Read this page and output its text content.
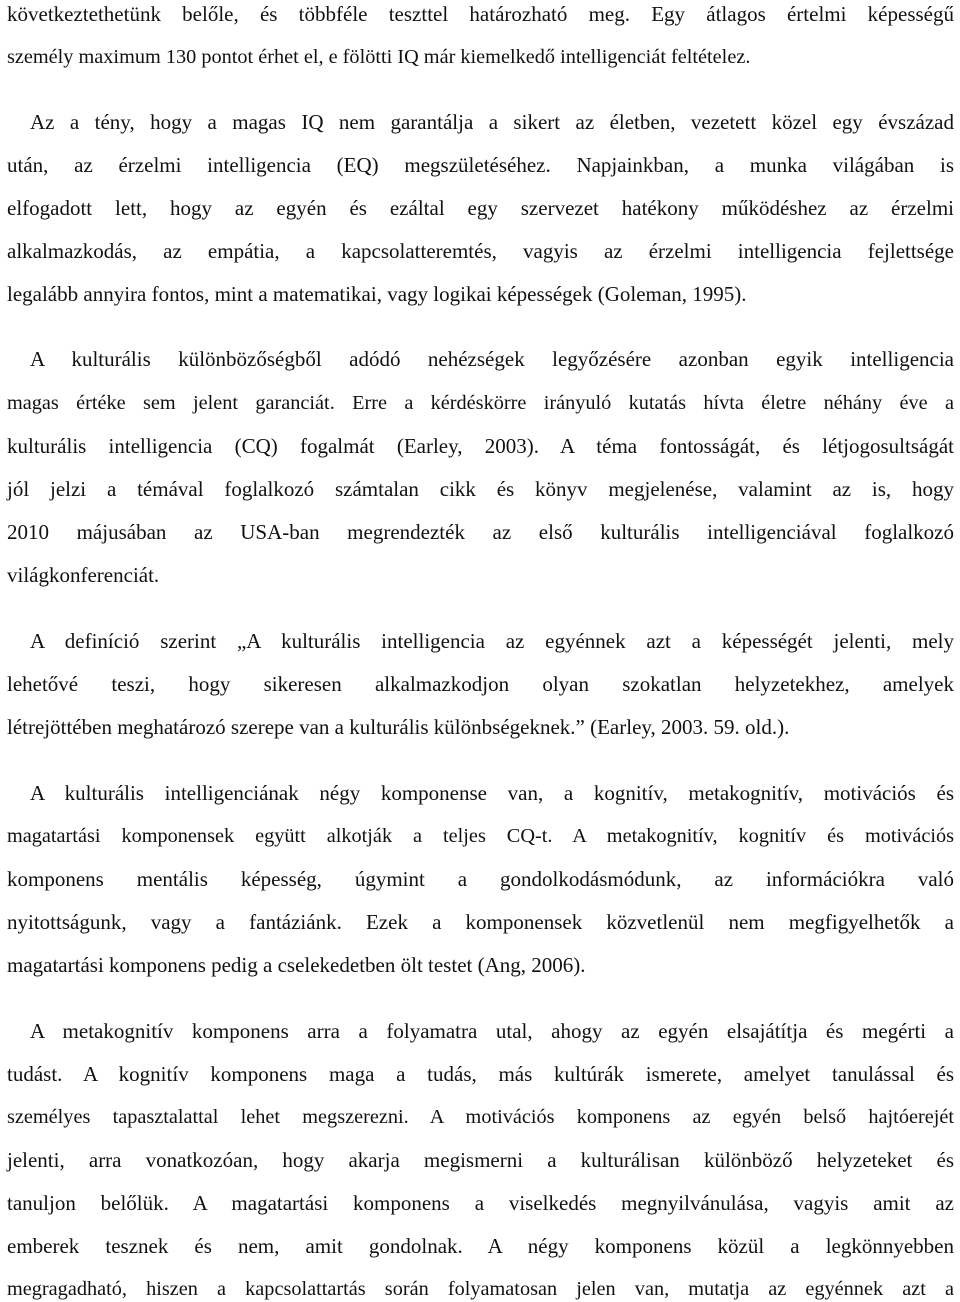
következtethetünk belőle, és többféle teszttel határozható meg. Egy átlagos értelmi képességű
személy maximum 130 pontot érhet el, e fölötti IQ már kiemelkedő intelligenciát feltételez.
Az a tény, hogy a magas IQ nem garantálja a sikert az életben, vezetett közel egy évszázad
után, az érzelmi intelligencia (EQ) megszületéséhez. Napjainkban, a munka világában is
elfogadott lett, hogy az egyén és ezáltal egy szervezet hatékony működéshez az érzelmi
alkalmazkodás, az empátia, a kapcsolatteremtés, vagyis az érzelmi intelligencia fejlettsége
legalább annyira fontos, mint a matematikai, vagy logikai képességek (Goleman, 1995).
A kulturális különbözőségből adódó nehézségek legyőzésére azonban egyik intelligencia
magas értéke sem jelent garanciát. Erre a kérdéskörre irányuló kutatás hívta életre néhány éve a
kulturális intelligencia (CQ) fogalmát (Earley, 2003). A téma fontosságát, és létjogosultságát
jól jelzi a témával foglalkozó számtalan cikk és könyv megjelenése, valamint az is, hogy
2010 májusában az USA-ban megrendezték az első kulturális intelligenciával foglalkozó
világkonferenciát.
A definíció szerint „A kulturális intelligencia az egyénnek azt a képességét jelenti, mely
lehetővé teszi, hogy sikeresen alkalmazkodjon olyan szokatlan helyzetekhez, amelyek
létrejöttében meghatározó szerepe van a kulturális különbségeknek.” (Earley, 2003. 59. old.).
A kulturális intelligenciának négy komponense van, a kognitív, metakognitív, motivációs és
magatartási komponensek együtt alkotják a teljes CQ-t. A metakognitív, kognitív és motivációs
komponens mentális képesség, úgymint a gondolkodásmódunk, az információkra való
nyitottságunk, vagy a fantáziánk. Ezek a komponensek közvetlenül nem megfigyelhetők a
magatartási komponens pedig a cselekedetben ölt testet (Ang, 2006).
A metakognitív komponens arra a folyamatra utal, ahogy az egyén elsajátítja és megérti a
tudást. A kognitív komponens maga a tudás, más kultúrák ismerete, amelyet tanulással és
személyes tapasztalattal lehet megszerezni. A motivációs komponens az egyén belső hajtóerejét
jelenti, arra vonatkozóan, hogy akarja megismerni a kulturálisan különböző helyzeteket és
tanuljon belőlük. A magatartási komponens a viselkedés megnyilvánulása, vagyis amit az
emberek tesznek és nem, amit gondolnak. A négy komponens közül a legkönnyebben
megragadható, hiszen a kapcsolattartás során folyamatosan jelen van, mutatja az egyénnek azt a
